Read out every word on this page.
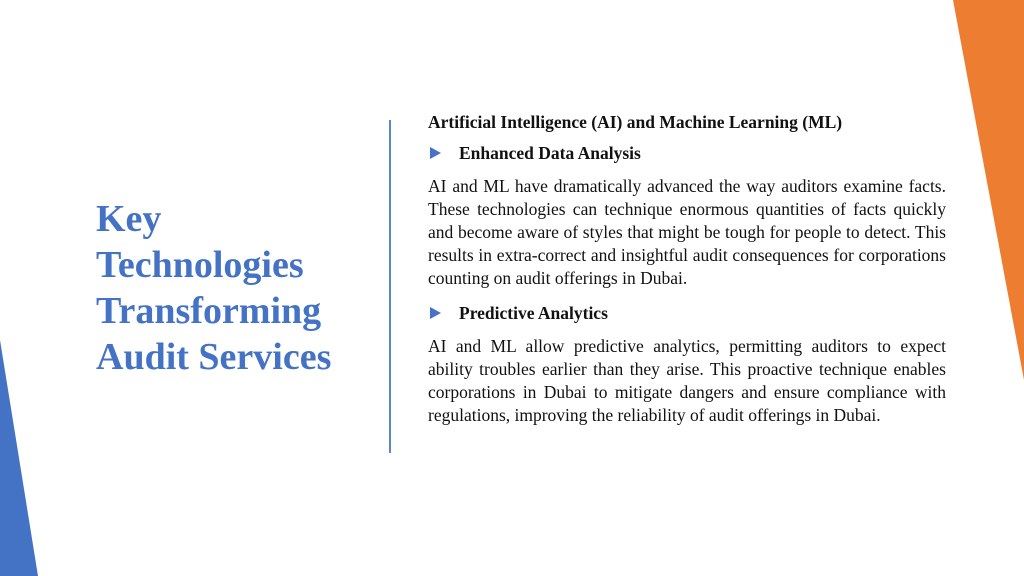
Key
Technologies
Transforming
Audit Services

Artificial Intelligence (AI) and Machine Learning (ML)

Enhanced Data Analysis

AI and ML have dramatically advanced the way auditors examine facts. These technologies can technique enormous quantities of facts quickly and become aware of styles that might be tough for people to detect. This results in extra-correct and insightful audit consequences for corporations counting on audit offerings in Dubai.

Predictive Analytics

AI and ML allow predictive analytics, permitting auditors to expect ability troubles earlier than they arise. This proactive technique enables corporations in Dubai to mitigate dangers and ensure compliance with regulations, improving the reliability of audit offerings in Dubai.
